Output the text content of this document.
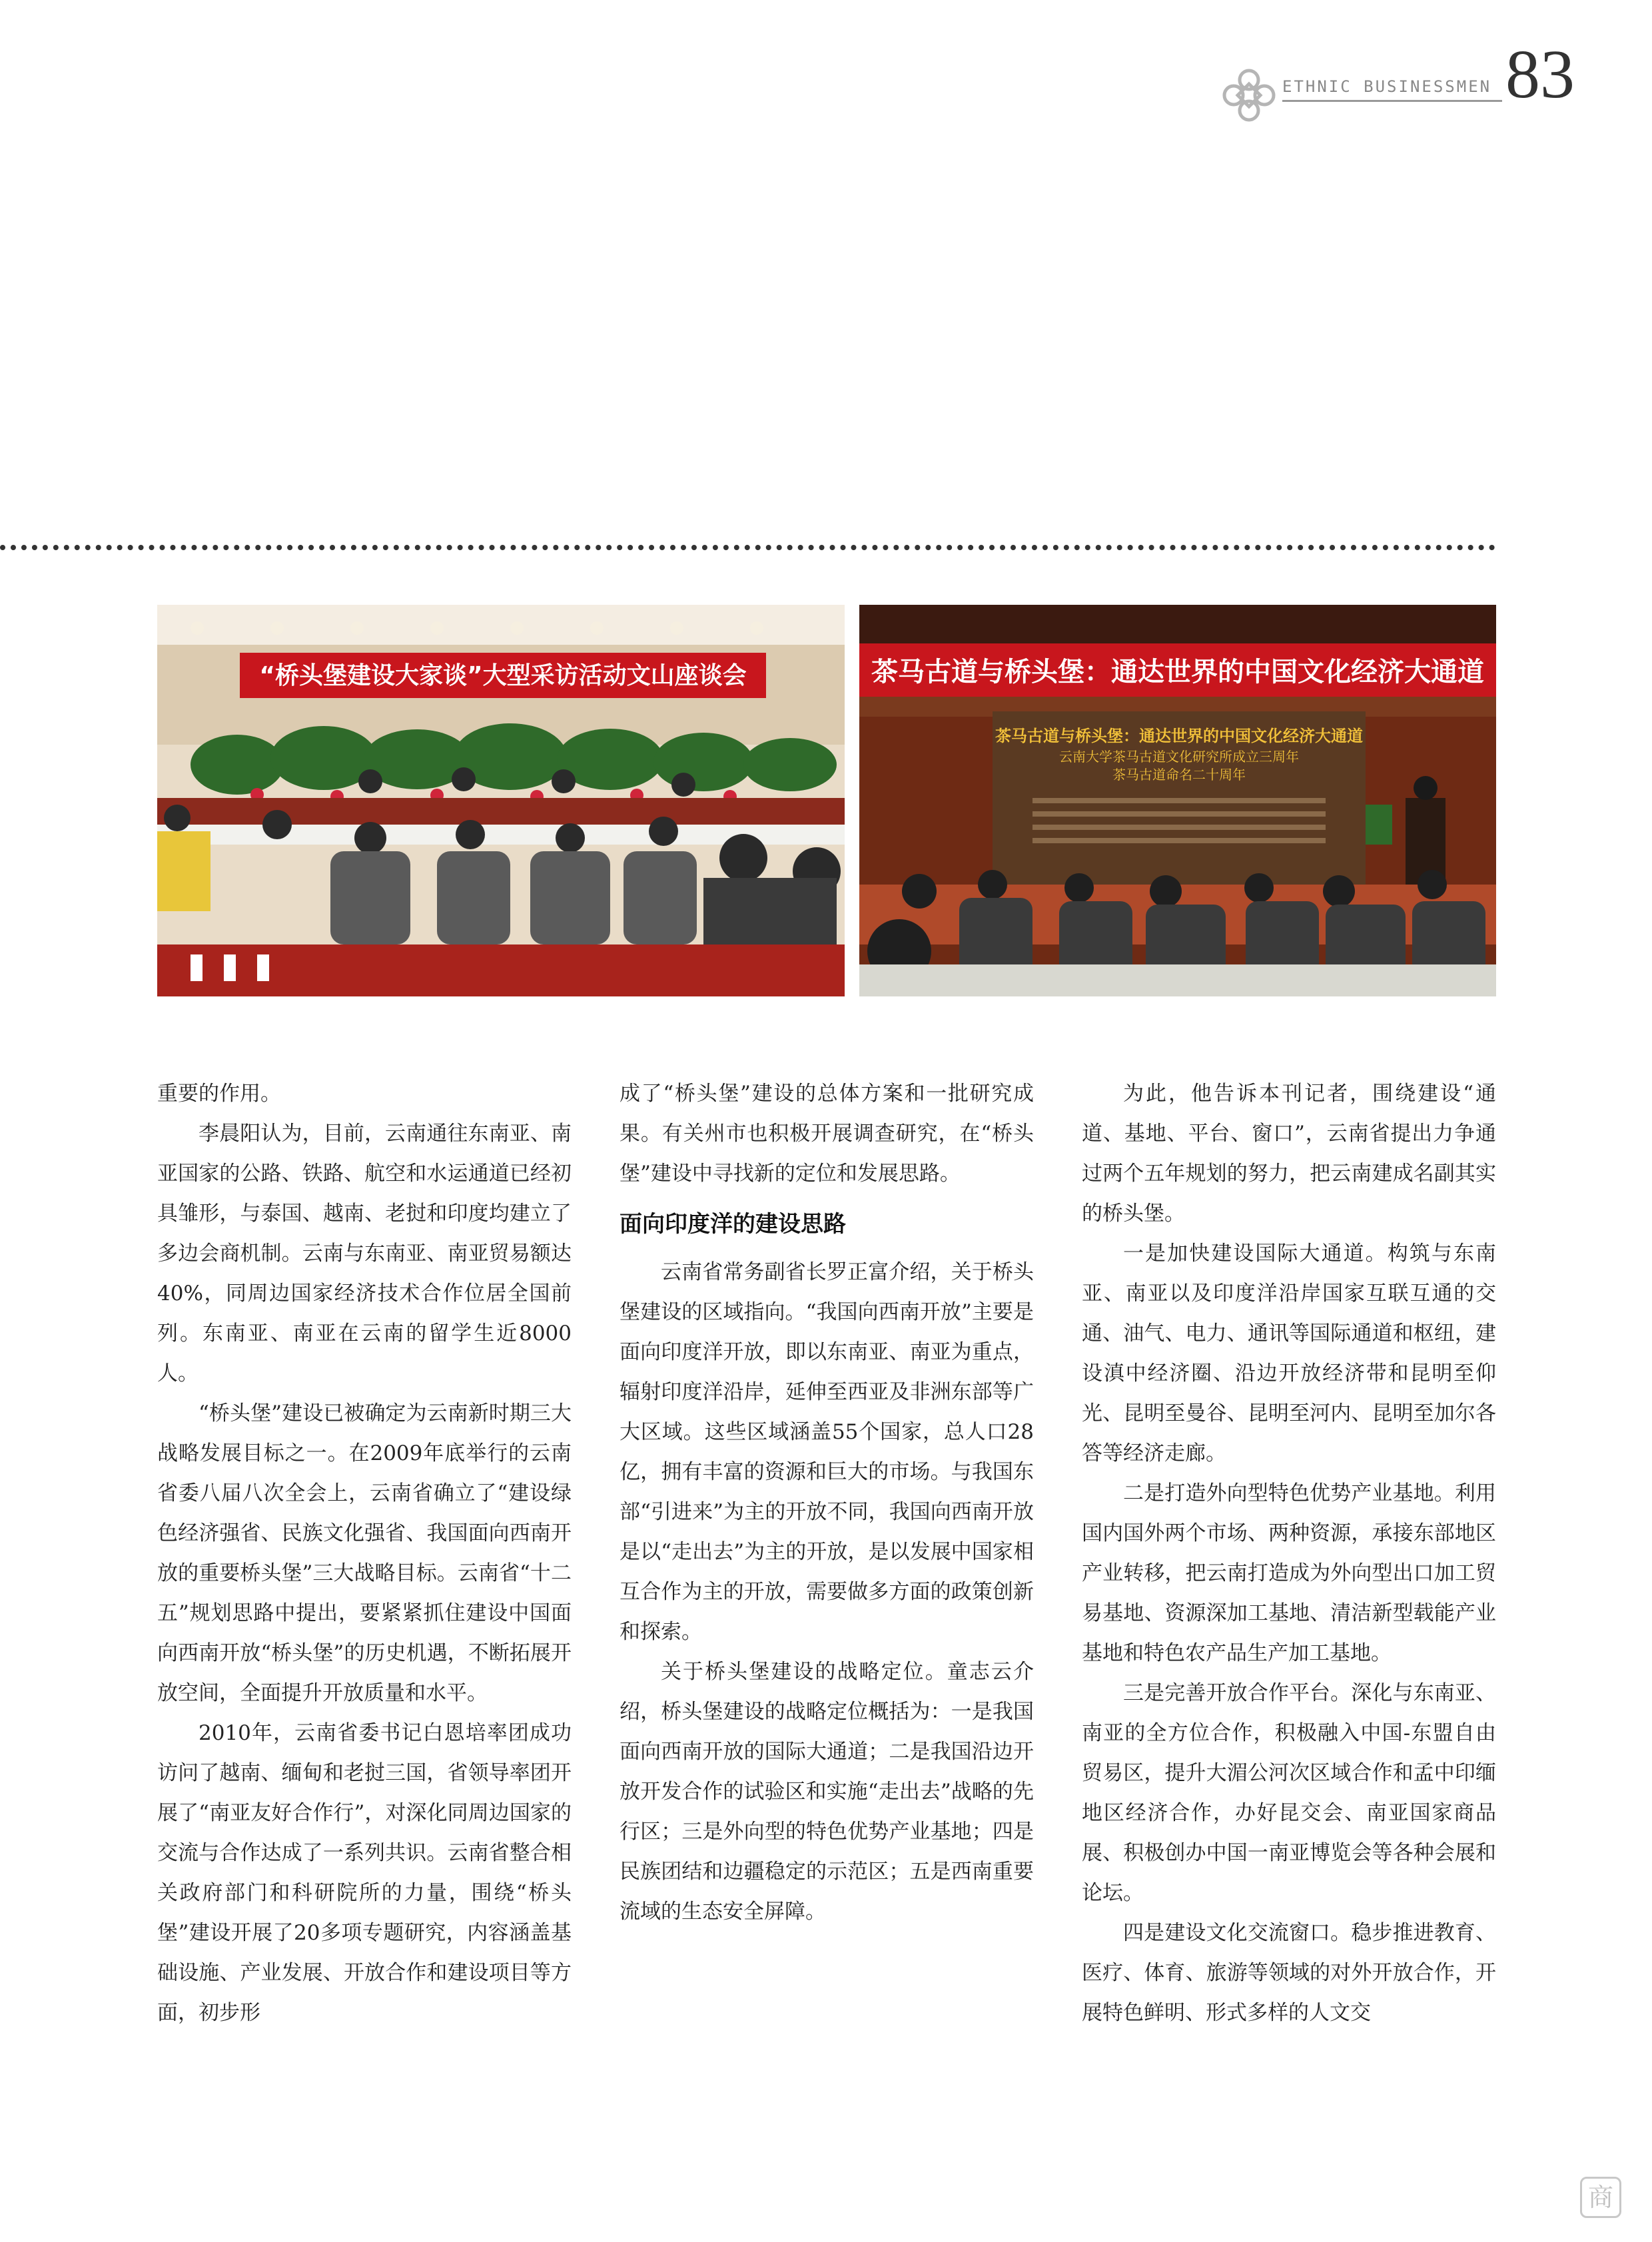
ETHNIC BUSINESSMEN 83
“桥头堡建设大家谈”大型采访活动文山座谈会	茶马古道与桥头堡：通达世界的中国文化经济大通道
茶马古道与桥头堡：通达世界的中国文化经济大通道
云南大学茶马古道文化研究所成立三周年
茶马古道命名二十周年

重要的作用。

李晨阳认为，目前，云南通往东南亚、南亚国家的公路、铁路、航空和水运通道已经初具雏形，与泰国、越南、老挝和印度均建立了多边会商机制。云南与东南亚、南亚贸易额达40%，同周边国家经济技术合作位居全国前列。东南亚、南亚在云南的留学生近8000人。

“桥头堡”建设已被确定为云南新时期三大战略发展目标之一。在2009年底举行的云南省委八届八次全会上，云南省确立了“建设绿色经济强省、民族文化强省、我国面向西南开放的重要桥头堡”三大战略目标。云南省“十二五”规划思路中提出，要紧紧抓住建设中国面向西南开放“桥头堡”的历史机遇，不断拓展开放空间，全面提升开放质量和水平。

2010年，云南省委书记白恩培率团成功访问了越南、缅甸和老挝三国，省领导率团开展了“南亚友好合作行”，对深化同周边国家的交流与合作达成了一系列共识。云南省整合相关政府部门和科研院所的力量，围绕“桥头堡”建设开展了20多项专题研究，内容涵盖基础设施、产业发展、开放合作和建设项目等方面，初步形

成了“桥头堡”建设的总体方案和一批研究成果。有关州市也积极开展调查研究，在“桥头堡”建设中寻找新的定位和发展思路。

面向印度洋的建设思路

云南省常务副省长罗正富介绍，关于桥头堡建设的区域指向。“我国向西南开放”主要是面向印度洋开放，即以东南亚、南亚为重点，辐射印度洋沿岸，延伸至西亚及非洲东部等广大区域。这些区域涵盖55个国家，总人口28亿，拥有丰富的资源和巨大的市场。与我国东部“引进来”为主的开放不同，我国向西南开放是以“走出去”为主的开放，是以发展中国家相互合作为主的开放，需要做多方面的政策创新和探索。

关于桥头堡建设的战略定位。童志云介绍，桥头堡建设的战略定位概括为：一是我国面向西南开放的国际大通道；二是我国沿边开放开发合作的试验区和实施“走出去”战略的先行区；三是外向型的特色优势产业基地；四是民族团结和边疆稳定的示范区；五是西南重要流域的生态安全屏障。

为此，他告诉本刊记者，围绕建设“通道、基地、平台、窗口”，云南省提出力争通过两个五年规划的努力，把云南建成名副其实的桥头堡。

一是加快建设国际大通道。构筑与东南亚、南亚以及印度洋沿岸国家互联互通的交通、油气、电力、通讯等国际通道和枢纽，建设滇中经济圈、沿边开放经济带和昆明至仰光、昆明至曼谷、昆明至河内、昆明至加尔各答等经济走廊。

二是打造外向型特色优势产业基地。利用国内国外两个市场、两种资源，承接东部地区产业转移，把云南打造成为外向型出口加工贸易基地、资源深加工基地、清洁新型载能产业基地和特色农产品生产加工基地。

三是完善开放合作平台。深化与东南亚、南亚的全方位合作，积极融入中国-东盟自由贸易区，提升大湄公河次区域合作和孟中印缅地区经济合作，办好昆交会、南亚国家商品展、积极创办中国一南亚博览会等各种会展和论坛。

四是建设文化交流窗口。稳步推进教育、医疗、体育、旅游等领域的对外开放合作，开展特色鲜明、形式多样的人文交

商
